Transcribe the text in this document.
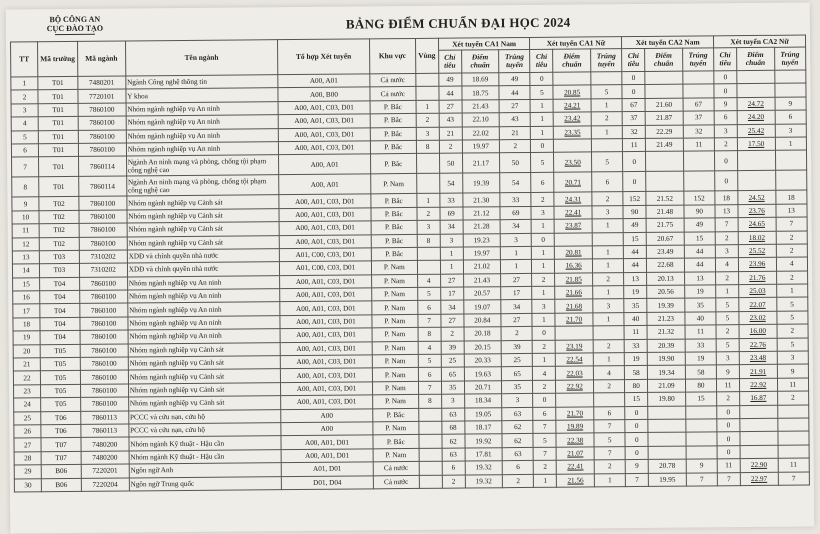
BỘ CÔNG AN
CỤC ĐÀO TẠO	BẢNG ĐIỂM CHUẨN ĐẠI HỌC 2024
TT	Mã trường	Mã ngành	Tên ngành	Tổ hợp Xét tuyển	Khu vực	Vùng	Xét tuyển CA1 Nam			Xét tuyển CA1 Nữ			Xét tuyển CA2 Nam			Xét tuyển CA2 Nữ		
							Chỉ tiêu	Điểm chuẩn	Trúng tuyển	Chỉ tiêu	Điểm chuẩn	Trúng tuyển	Chỉ tiêu	Điểm chuẩn	Trúng tuyển	Chỉ tiêu	Điểm chuẩn	Trúng tuyển
1	T01	7480201	Ngành Công nghệ thông tin	A00, A01	Cả nước		49	18.69	49	0			0			0		
2	T01	7720101	Y khoa	A00, B00	Cả nước		44	18.75	44	5	20.85	5	0			0		
3	T01	7860100	Nhóm ngành nghiệp vụ An ninh	A00, A01, C03, D01	P. Bắc	1	27	21.43	27	1	24.21	1	67	21.60	67	9	24.72	9
4	T01	7860100	Nhóm ngành nghiệp vụ An ninh	A00, A01, C03, D01	P. Bắc	2	43	22.10	43	1	23.42	2	37	21.87	37	6	24.20	6
5	T01	7860100	Nhóm ngành nghiệp vụ An ninh	A00, A01, C03, D01	P. Bắc	3	21	22.02	21	1	23.35	1	32	22.29	32	3	25.42	3
6	T01	7860100	Nhóm ngành nghiệp vụ An ninh	A00, A01, C03, D01	P. Bắc	8	2	19.97	2	0			11	21.49	11	2	17.50	1
7	T01	7860114	Ngành An ninh mạng và phòng, chống tội phạm công nghệ cao	A00, A01	P. Bắc		50	21.17	50	5	23.50	5	0			0		
8	T01	7860114	Ngành An ninh mạng và phòng, chống tội phạm công nghệ cao	A00, A01	P. Nam		54	19.39	54	6	20.71	6	0			0		
9	T02	7860100	Nhóm ngành nghiệp vụ Cảnh sát	A00, A01, C03, D01	P. Bắc	1	33	21.30	33	2	24.31	2	152	21.52	152	18	24.52	18
10	T02	7860100	Nhóm ngành nghiệp vụ Cảnh sát	A00, A01, C03, D01	P. Bắc	2	69	21.12	69	3	22.41	3	90	21.48	90	13	23.76	13
11	T02	7860100	Nhóm ngành nghiệp vụ Cảnh sát	A00, A01, C03, D01	P. Bắc	3	34	21.28	34	1	23.87	1	49	21.75	49	7	24.65	7
12	T02	7860100	Nhóm ngành nghiệp vụ Cảnh sát	A00, A01, C03, D01	P. Bắc	8	3	19.23	3	0			15	20.67	15	2	18.02	2
13	T03	7310202	XDĐ và chính quyền nhà nước	A01, C00, C03, D01	P. Bắc		1	19.97	1	1	20.81	1	44	23.49	44	3	25.52	2
14	T03	7310202	XDĐ và chính quyền nhà nước	A01, C00, C03, D01	P. Nam		1	21.02	1	1	16.36	1	44	22.68	44	4	23.96	4
15	T04	7860100	Nhóm ngành nghiệp vụ An ninh	A00, A01, C03, D01	P. Nam	4	27	21.43	27	2	21.85	2	13	20.13	13	2	21.76	2
16	T04	7860100	Nhóm ngành nghiệp vụ An ninh	A00, A01, C03, D01	P. Nam	5	17	20.57	17	1	21.66	1	19	20.56	19	1	25.03	1
17	T04	7860100	Nhóm ngành nghiệp vụ An ninh	A00, A01, C03, D01	P. Nam	6	34	19.07	34	3	21.68	3	35	19.39	35	5	22.07	5
18	T04	7860100	Nhóm ngành nghiệp vụ An ninh	A00, A01, C03, D01	P. Nam	7	27	20.84	27	1	21.70	1	40	21.23	40	5	23.02	5
19	T04	7860100	Nhóm ngành nghiệp vụ An ninh	A00, A01, C03, D01	P. Nam	8	2	20.18	2	0			11	21.32	11	2	16.00	2
20	T05	7860100	Nhóm ngành nghiệp vụ Cảnh sát	A00, A01, C03, D01	P. Nam	4	39	20.15	39	2	23.19	2	33	20.39	33	5	22.76	5
21	T05	7860100	Nhóm ngành nghiệp vụ Cảnh sát	A00, A01, C03, D01	P. Nam	5	25	20.33	25	1	22.54	1	19	19.90	19	3	23.48	3
22	T05	7860100	Nhóm ngành nghiệp vụ Cảnh sát	A00, A01, C03, D01	P. Nam	6	65	19.63	65	4	22.03	4	58	19.34	58	9	21.91	9
23	T05	7860100	Nhóm ngành nghiệp vụ Cảnh sát	A00, A01, C03, D01	P. Nam	7	35	20.71	35	2	22.92	2	80	21.09	80	11	22.92	11
24	T05	7860100	Nhóm ngành nghiệp vụ Cảnh sát	A00, A01, C03, D01	P. Nam	8	3	18.34	3	0			15	19.80	15	2	16.87	2
25	T06	7860113	PCCC và cứu nạn, cứu hộ	A00	P. Bắc		63	19.05	63	6	21.70	6	0			0		
26	T06	7860113	PCCC và cứu nạn, cứu hộ	A00	P. Nam		68	18.17	62	7	19.89	7	0			0		
27	T07	7480200	Nhóm ngành Kỹ thuật - Hậu cần	A00, A01, D01	P. Bắc		62	19.92	62	5	22.38	5	0			0		
28	T07	7480200	Nhóm ngành Kỹ thuật - Hậu cần	A00, A01, D01	P. Nam		63	17.81	63	7	21.07	7	0			0		
29	B06	7220201	Ngôn ngữ Anh	A01, D01	Cả nước		6	19.32	6	2	22.41	2	9	20.78	9	11	22.90	11
30	B06	7220204	Ngôn ngữ Trung quốc	D01, D04	Cả nước		2	19.32	2	1	21.56	1	7	19.95	7	7	22.97	7
